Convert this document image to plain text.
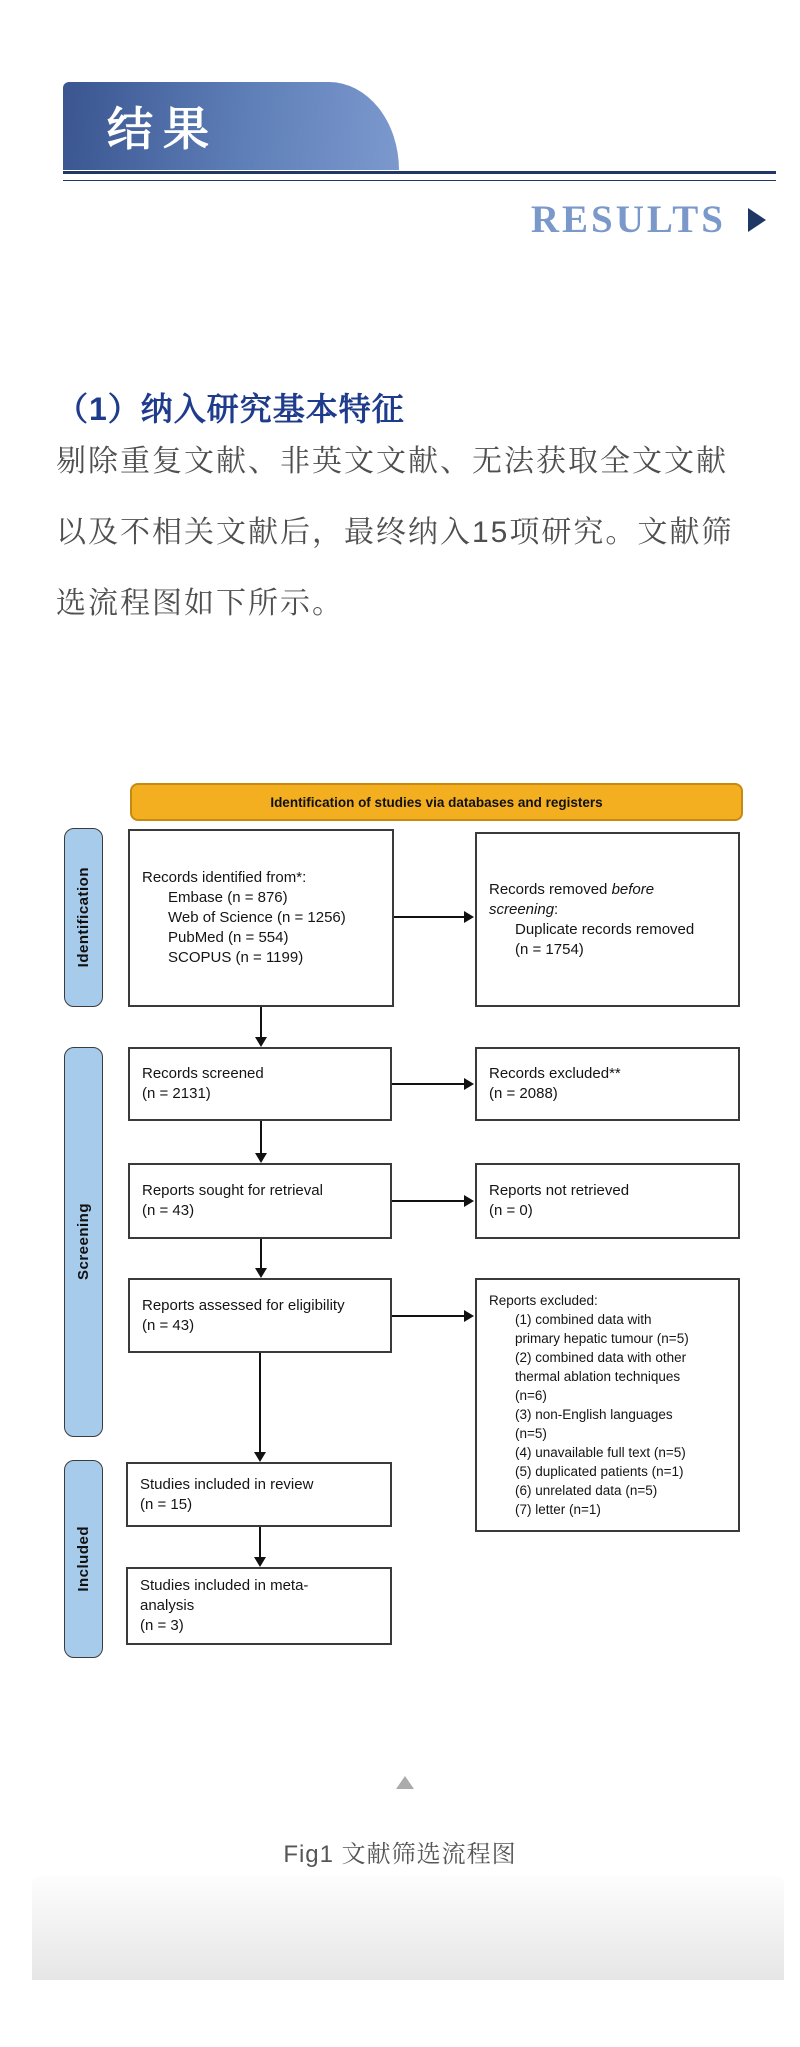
结果
RESULTS
（1）纳入研究基本特征
剔除重复文献、非英文文献、无法获取全文文献
以及不相关文献后，最终纳入15项研究。文献筛
选流程图如下所示。
Identification of studies via databases and registers
Identification
Screening
Included
Records identified from*:
Embase (n = 876)
Web of Science (n = 1256)
PubMed (n = 554)
SCOPUS (n = 1199)
Records removed before
screening:
Duplicate records removed
(n = 1754)
Records screened
(n = 2131)
Records excluded**
(n = 2088)
Reports sought for retrieval
(n = 43)
Reports not retrieved
(n = 0)
Reports assessed for eligibility
(n = 43)
Reports excluded:
(1) combined data with
primary hepatic tumour (n=5)
(2) combined data with other
thermal ablation techniques
(n=6)
(3) non-English languages
(n=5)
(4) unavailable full text (n=5)
(5) duplicated patients (n=1)
(6) unrelated data (n=5)
(7) letter (n=1)
Studies included in review
(n = 15)
Studies included in meta-
analysis
(n = 3)
Fig1 文献筛选流程图
